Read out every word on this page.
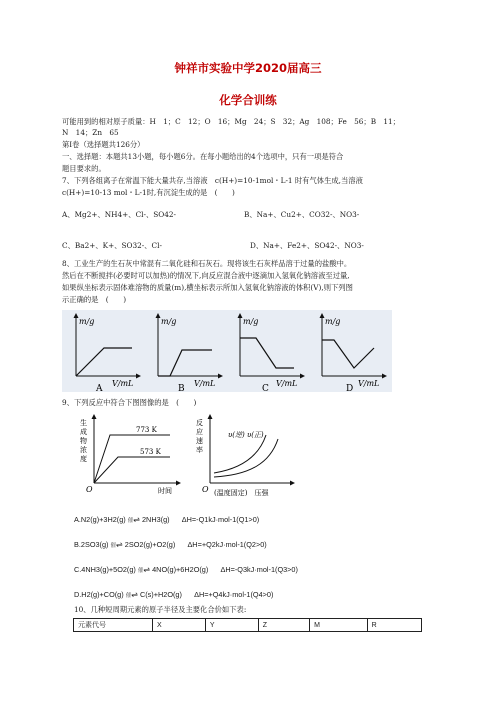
钟祥市实验中学2020届高三
化学合训练
可能用到的相对原子质量：H　1；C　12；O　16；Mg　24；S　32；Ag　108；Fe　56；B　11；
N　14；Zn　65
第Ⅰ卷（选择题共126分）
一、选择题：本题共13小题，每小题6分。在每小题给出的4个选项中，只有一项是符合
题目要求的。
7、下列各组离子在常温下能大量共存,当溶液　c(H+)=10-1mol・L-1 时有气体生成,当溶液
c(H+)=10-13 mol・L-1时,有沉淀生成的是　(　　)
A、Mg2+、NH4+、Cl-、SO42-	B、Na+、Cu2+、CO32-、NO3-
C、Ba2+、K+、SO32-、Cl-	D、Na+、Fe2+、SO42-、NO3-
8、工业生产的生石灰中常混有二氧化硅和石灰石。现将该生石灰样品溶于过量的盐酸中。
然后在不断搅拌(必要时可以加热)的情况下,向反应混合液中逐滴加入氢氧化钠溶液至过量,
如果纵坐标表示固体难溶物的质量(m),横坐标表示所加入氢氧化钠溶液的体积(V),则下列图
示正确的是　(　　)
m/g
V/mL
A
m/g
V/mL
B
m/g
V/mL
C
m/g
V/mL
D
9、下列反应中符合下图图像的是　(　　)
生
成
物
浓
度
773 K
573 K
O	时间
反
应
速
率
υ(逆) υ(正)
O (温度固定)　压强
A.N2(g)+3H2(g) 催⇌ 2NH3(g) ΔH=-Q1kJ·mol-1(Q1>0)
B.2SO3(g) 催⇌ 2SO2(g)+O2(g) ΔH=+Q2kJ·mol-1(Q2>0)
C.4NH3(g)+5O2(g) 催⇌ 4NO(g)+6H2O(g) ΔH=-Q3kJ·mol-1(Q3>0)
D.H2(g)+CO(g) 催⇌ C(s)+H2O(g) ΔH=+Q4kJ·mol-1(Q4>0)
10、几种短周期元素的原子半径及主要化合价如下表:
元素代号	X	Y	Z	M	R
